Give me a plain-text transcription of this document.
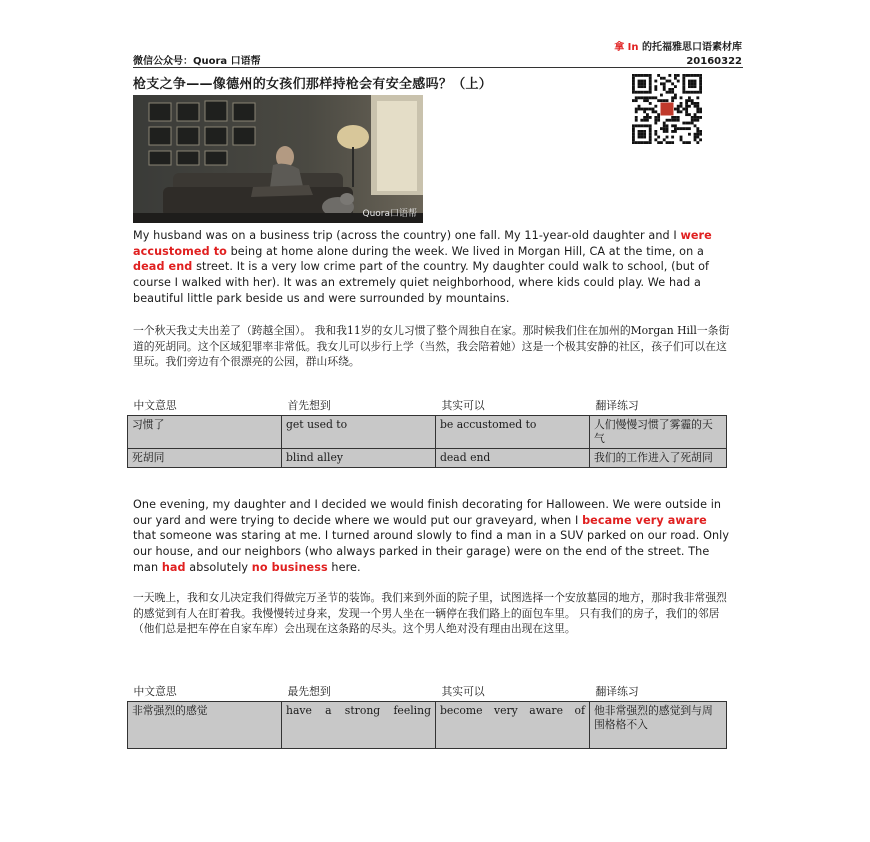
微信公众号：Quora 口语帮
拿 In 的托福雅思口语素材库
20160322
枪支之争——像德州的女孩们那样持枪会有安全感吗？（上）
Quora口语帮
My husband was on a business trip (across the country) one fall. My 11-year-old daughter and I were accustomed to being at home alone during the week. We lived in Morgan Hill, CA at the time, on a dead end street. It is a very low crime part of the country. My daughter could walk to school, (but of course I walked with her). It was an extremely quiet neighborhood, where kids could play. We had a beautiful little park beside us and were surrounded by mountains.
一个秋天我丈夫出差了（跨越全国）。 我和我11岁的女儿习惯了整个周独自在家。那时候我们住在加州的Morgan Hill一条街道的死胡同。这个区域犯罪率非常低。我女儿可以步行上学（当然，我会陪着她）这是一个极其安静的社区，孩子们可以在这里玩。我们旁边有个很漂亮的公园，群山环绕。
中文意思	首先想到	其实可以	翻译练习
习惯了	get used to	be accustomed to	人们慢慢习惯了雾霾的天气
死胡同	blind alley	dead end	我们的工作进入了死胡同
One evening, my daughter and I decided we would finish decorating for Halloween. We were outside in our yard and were trying to decide where we would put our graveyard, when I became very aware that someone was staring at me. I turned around slowly to find a man in a SUV parked on our road. Only our house, and our neighbors (who always parked in their garage) were on the end of the street. The man had absolutely no business here.
一天晚上，我和女儿决定我们得做完万圣节的装饰。我们来到外面的院子里，试图选择一个安放墓园的地方，那时我非常强烈的感觉到有人在盯着我。我慢慢转过身来，发现一个男人坐在一辆停在我们路上的面包车里。 只有我们的房子，我们的邻居（他们总是把车停在自家车库）会出现在这条路的尽头。这个男人绝对没有理由出现在这里。
中文意思	最先想到	其实可以	翻译练习
非常强烈的感觉	have a strong feeling	become very aware of	他非常强烈的感觉到与周围格格不入
